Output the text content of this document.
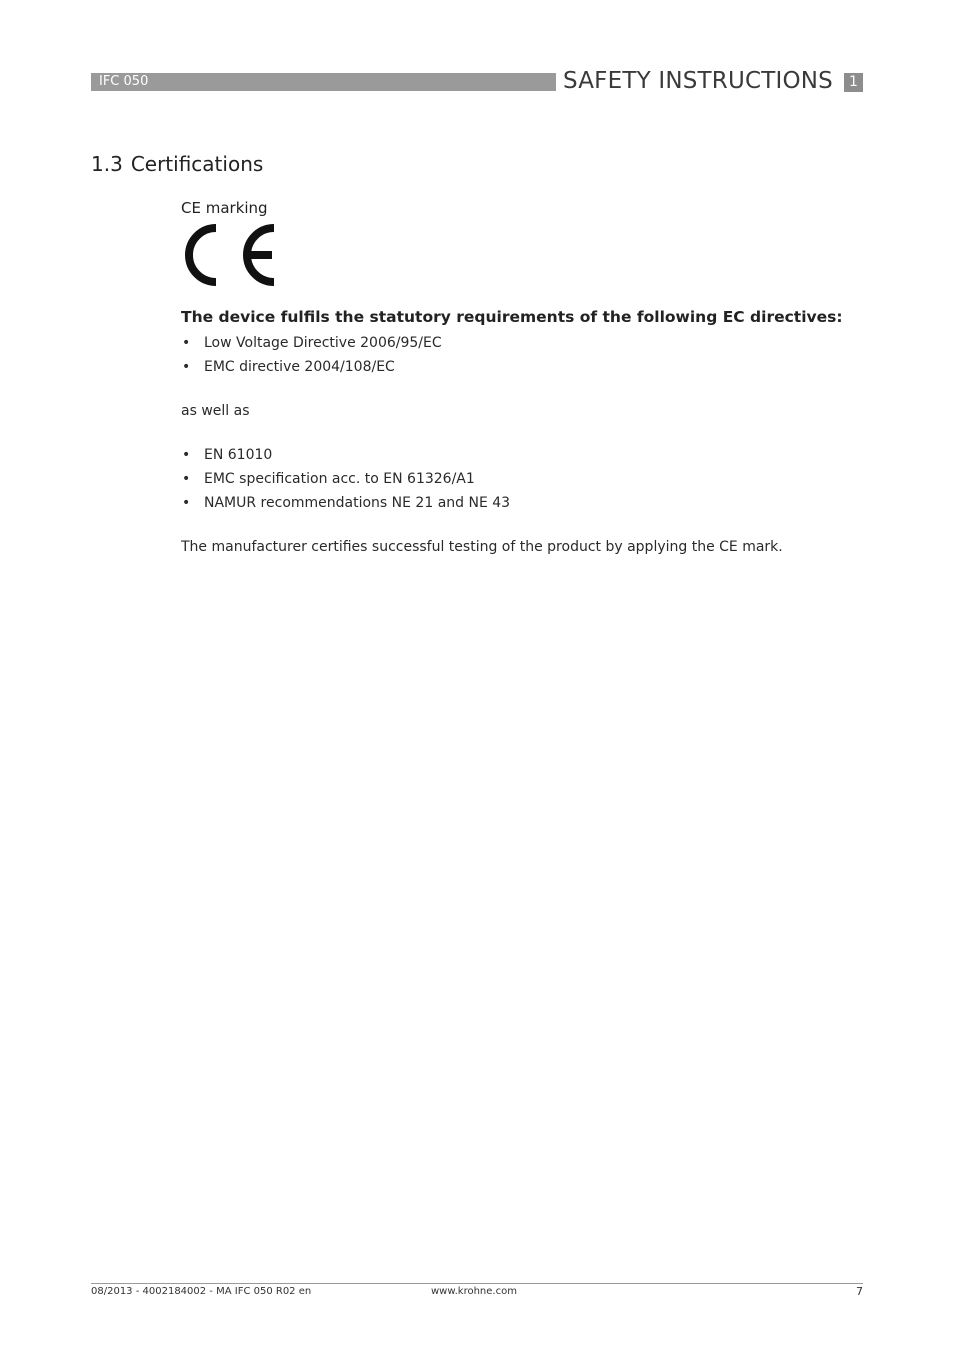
IFC 050	SAFETY INSTRUCTIONS	1
1.3 Certifications
CE marking
The device fulfils the statutory requirements of the following EC directives:
• Low Voltage Directive 2006/95/EC
• EMC directive 2004/108/EC
as well as
• EN 61010
• EMC specification acc. to EN 61326/A1
• NAMUR recommendations NE 21 and NE 43
The manufacturer certifies successful testing of the product by applying the CE mark.
08/2013 - 4002184002 - MA IFC 050 R02 en	www.krohne.com	7
